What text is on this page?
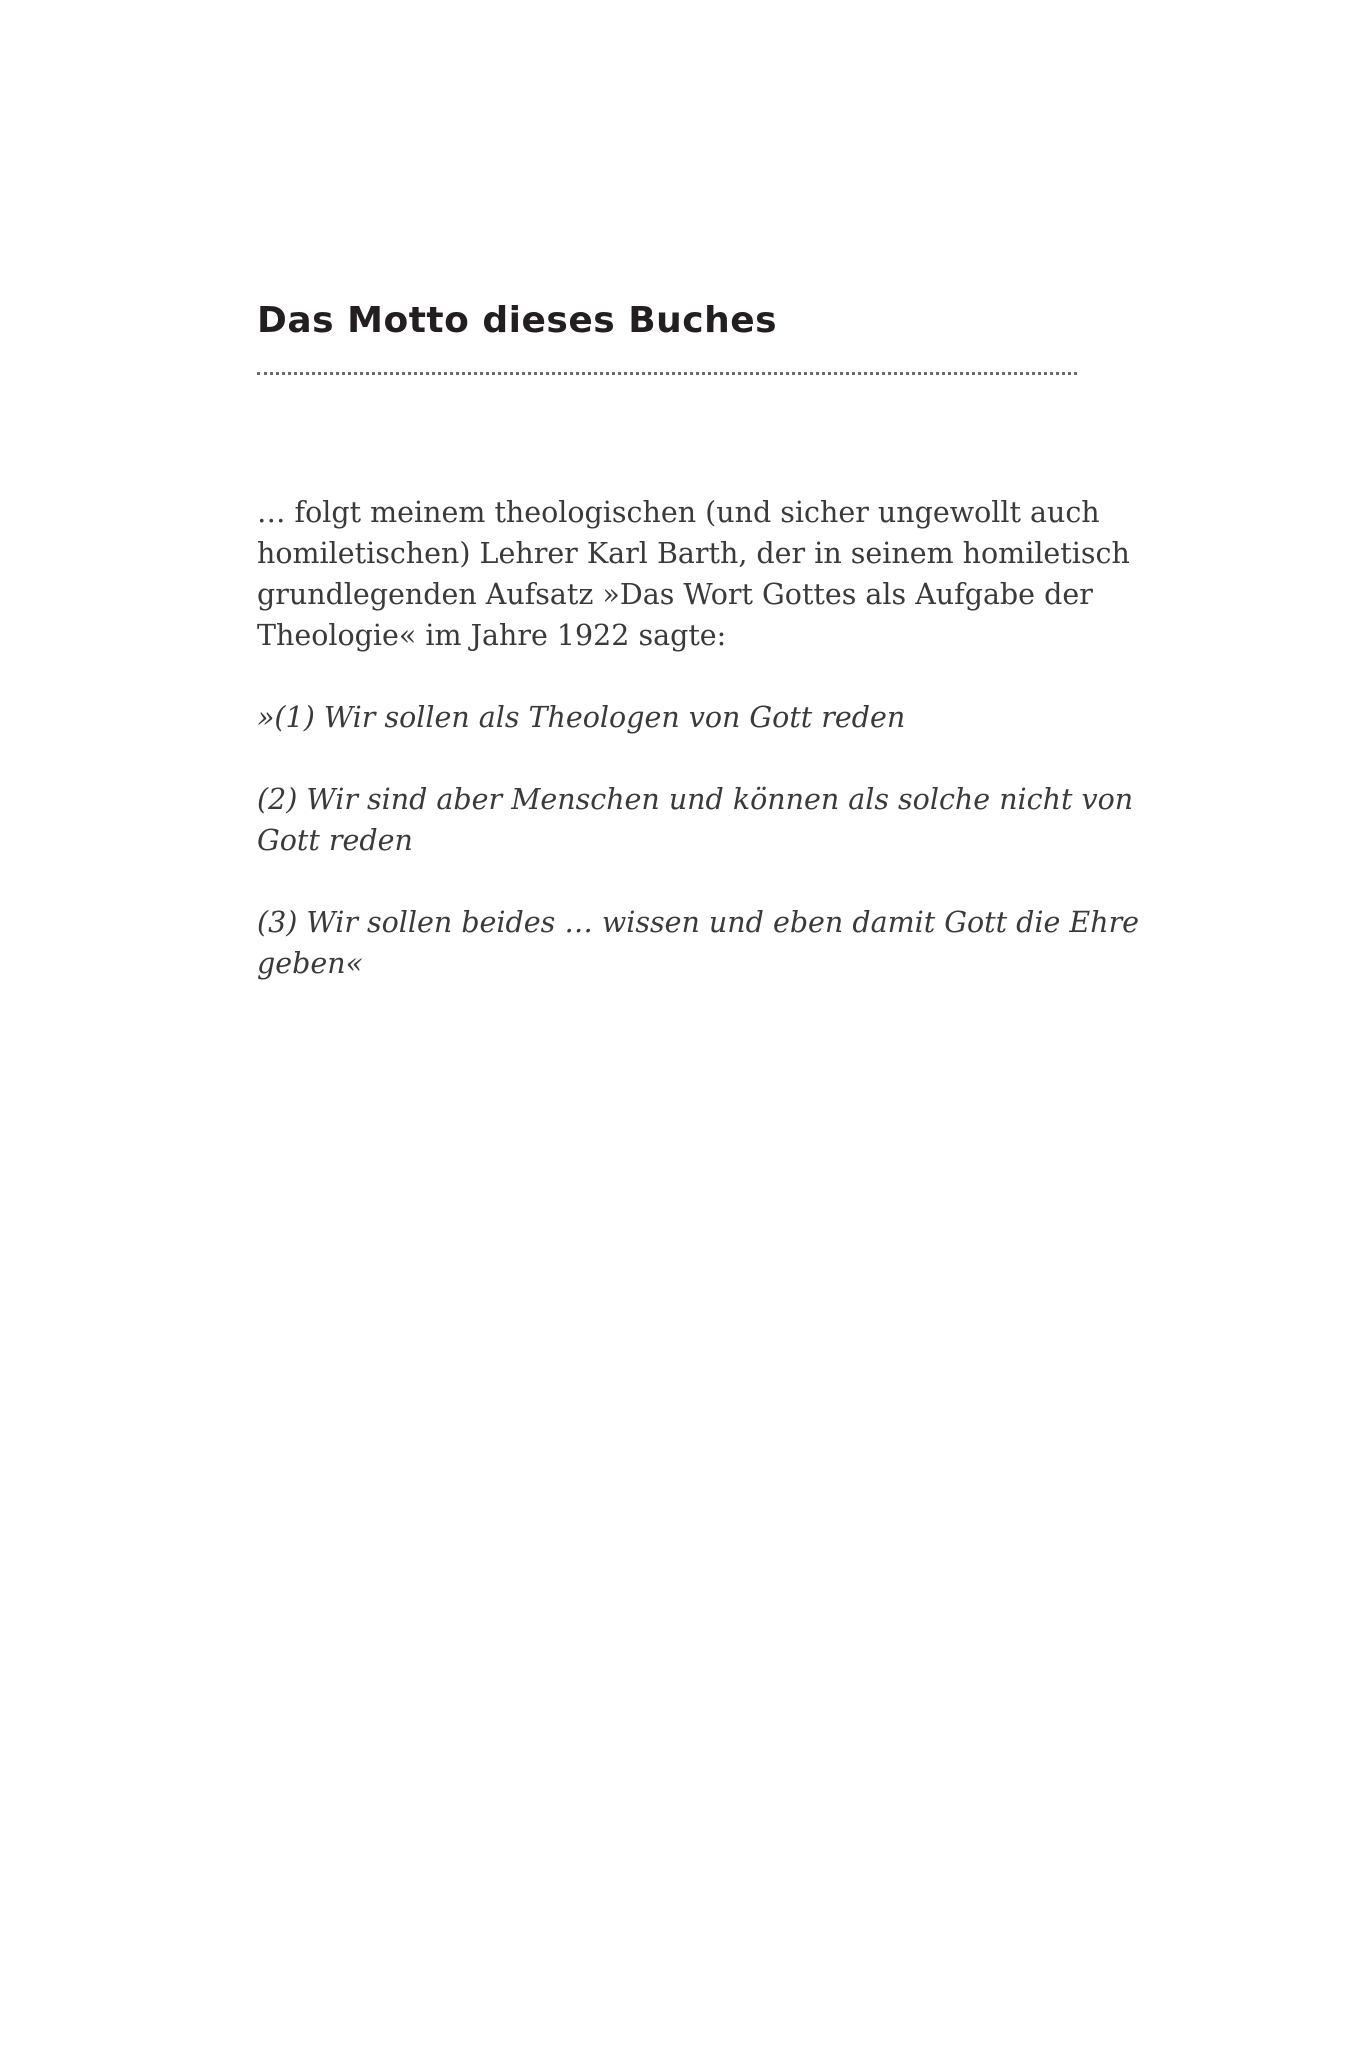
Das Motto dieses Buches

… folgt meinem theologischen (und sicher ungewollt auch
homiletischen) Lehrer Karl Barth, der in seinem homiletisch
grundlegenden Aufsatz »Das Wort Gottes als Aufgabe der
Theologie« im Jahre 1922 sagte:

»(1) Wir sollen als Theologen von Gott reden

(2) Wir sind aber Menschen und können als solche nicht von
Gott reden

(3) Wir sollen beides … wissen und eben damit Gott die Ehre
geben«
